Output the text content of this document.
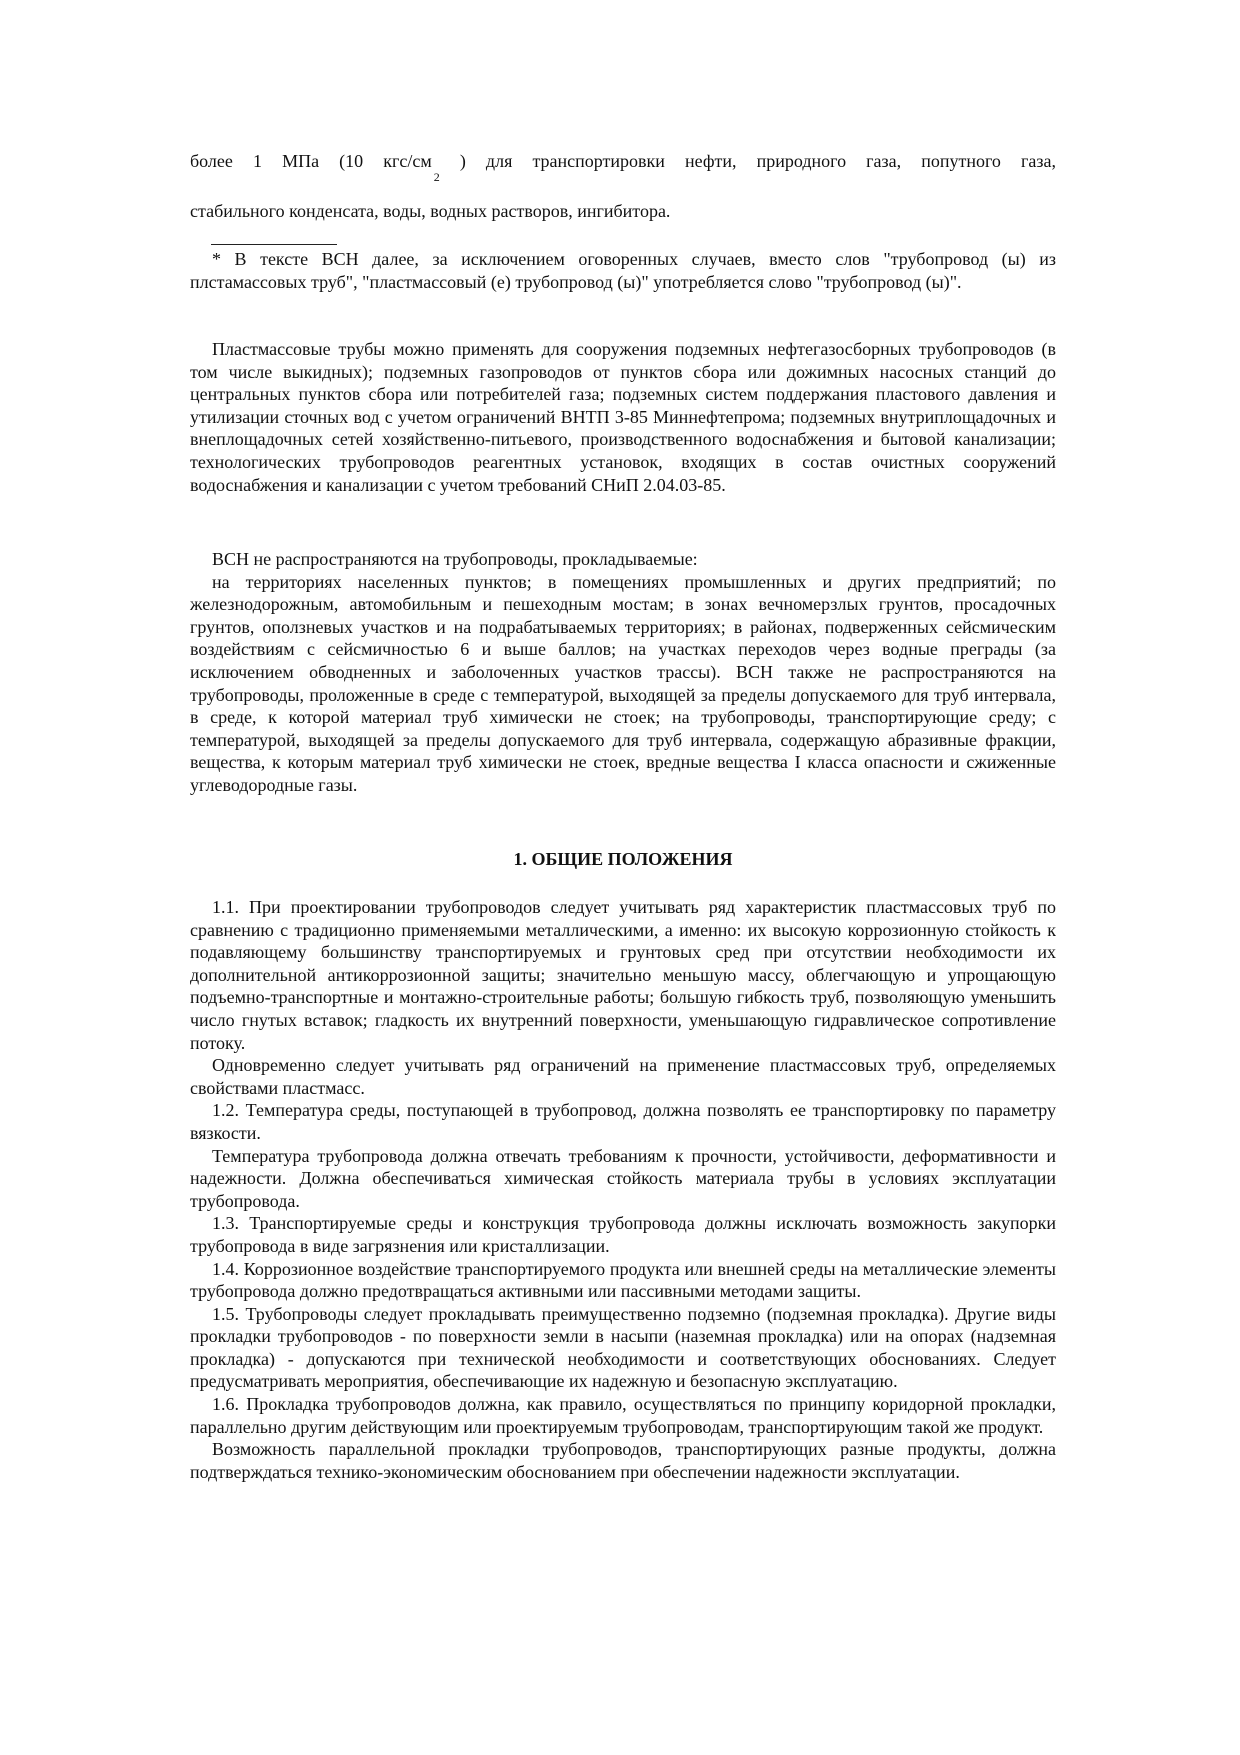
более 1 МПа (10 кгс/$см_2$ ) для транспортировки нефти, природного газа, попутного газа,

стабильного конденсата, воды, водных растворов, ингибитора.

* В тексте ВСН далее, за исключением оговоренных случаев, вместо слов "трубопровод (ы) из плстамассовых труб", "пластмассовый (е) трубопровод (ы)" употребляется слово "трубопровод (ы)".

Пластмассовые трубы можно применять для сооружения подземных нефтегазосборных трубопроводов (в том числе выкидных); подземных газопроводов от пунктов сбора или дожимных насосных станций до центральных пунктов сбора или потребителей газа; подземных систем поддержания пластового давления и утилизации сточных вод с учетом ограничений ВНТП 3-85 Миннефтепрома; подземных внутриплощадочных и внеплощадочных сетей хозяйственно-питьевого, производственного водоснабжения и бытовой канализации; технологических трубопроводов реагентных установок, входящих в состав очистных сооружений водоснабжения и канализации с учетом требований СНиП 2.04.03-85.

ВСН не распространяются на трубопроводы, прокладываемые:

на территориях населенных пунктов; в помещениях промышленных и других предприятий; по железнодорожным, автомобильным и пешеходным мостам; в зонах вечномерзлых грунтов, просадочных грунтов, оползневых участков и на подрабатываемых территориях; в районах, подверженных сейсмическим воздействиям с сейсмичностью 6 и выше баллов; на участках переходов через водные преграды (за исключением обводненных и заболоченных участков трассы). ВСН также не распространяются на трубопроводы, проложенные в среде с температурой, выходящей за пределы допускаемого для труб интервала, в среде, к которой материал труб химически не стоек; на трубопроводы, транспортирующие среду; с температурой, выходящей за пределы допускаемого для труб интервала, содержащую абразивные фракции, вещества, к которым материал труб химически не стоек, вредные вещества I класса опасности и сжиженные углеводородные газы.

1. ОБЩИЕ ПОЛОЖЕНИЯ

1.1. При проектировании трубопроводов следует учитывать ряд характеристик пластмассовых труб по сравнению с традиционно применяемыми металлическими, а именно: их высокую коррозионную стойкость к подавляющему большинству транспортируемых и грунтовых сред при отсутствии необходимости их дополнительной антикоррозионной защиты; значительно меньшую массу, облегчающую и упрощающую подъемно-транспортные и монтажно-строительные работы; большую гибкость труб, позволяющую уменьшить число гнутых вставок; гладкость их внутренний поверхности, уменьшающую гидравлическое сопротивление потоку.

Одновременно следует учитывать ряд ограничений на применение пластмассовых труб, определяемых свойствами пластмасс.

1.2. Температура среды, поступающей в трубопровод, должна позволять ее транспортировку по параметру вязкости.

Температура трубопровода должна отвечать требованиям к прочности, устойчивости, деформативности и надежности. Должна обеспечиваться химическая стойкость материала трубы в условиях эксплуатации трубопровода.

1.3. Транспортируемые среды и конструкция трубопровода должны исключать возможность закупорки трубопровода в виде загрязнения или кристаллизации.

1.4. Коррозионное воздействие транспортируемого продукта или внешней среды на металлические элементы трубопровода должно предотвращаться активными или пассивными методами защиты.

1.5. Трубопроводы следует прокладывать преимущественно подземно (подземная прокладка). Другие виды прокладки трубопроводов - по поверхности земли в насыпи (наземная прокладка) или на опорах (надземная прокладка) - допускаются при технической необходимости и соответствующих обоснованиях. Следует предусматривать мероприятия, обеспечивающие их надежную и безопасную эксплуатацию.

1.6. Прокладка трубопроводов должна, как правило, осуществляться по принципу коридорной прокладки, параллельно другим действующим или проектируемым трубопроводам, транспортирующим такой же продукт.

Возможность параллельной прокладки трубопроводов, транспортирующих разные продукты, должна подтверждаться технико-экономическим обоснованием при обеспечении надежности эксплуатации.
